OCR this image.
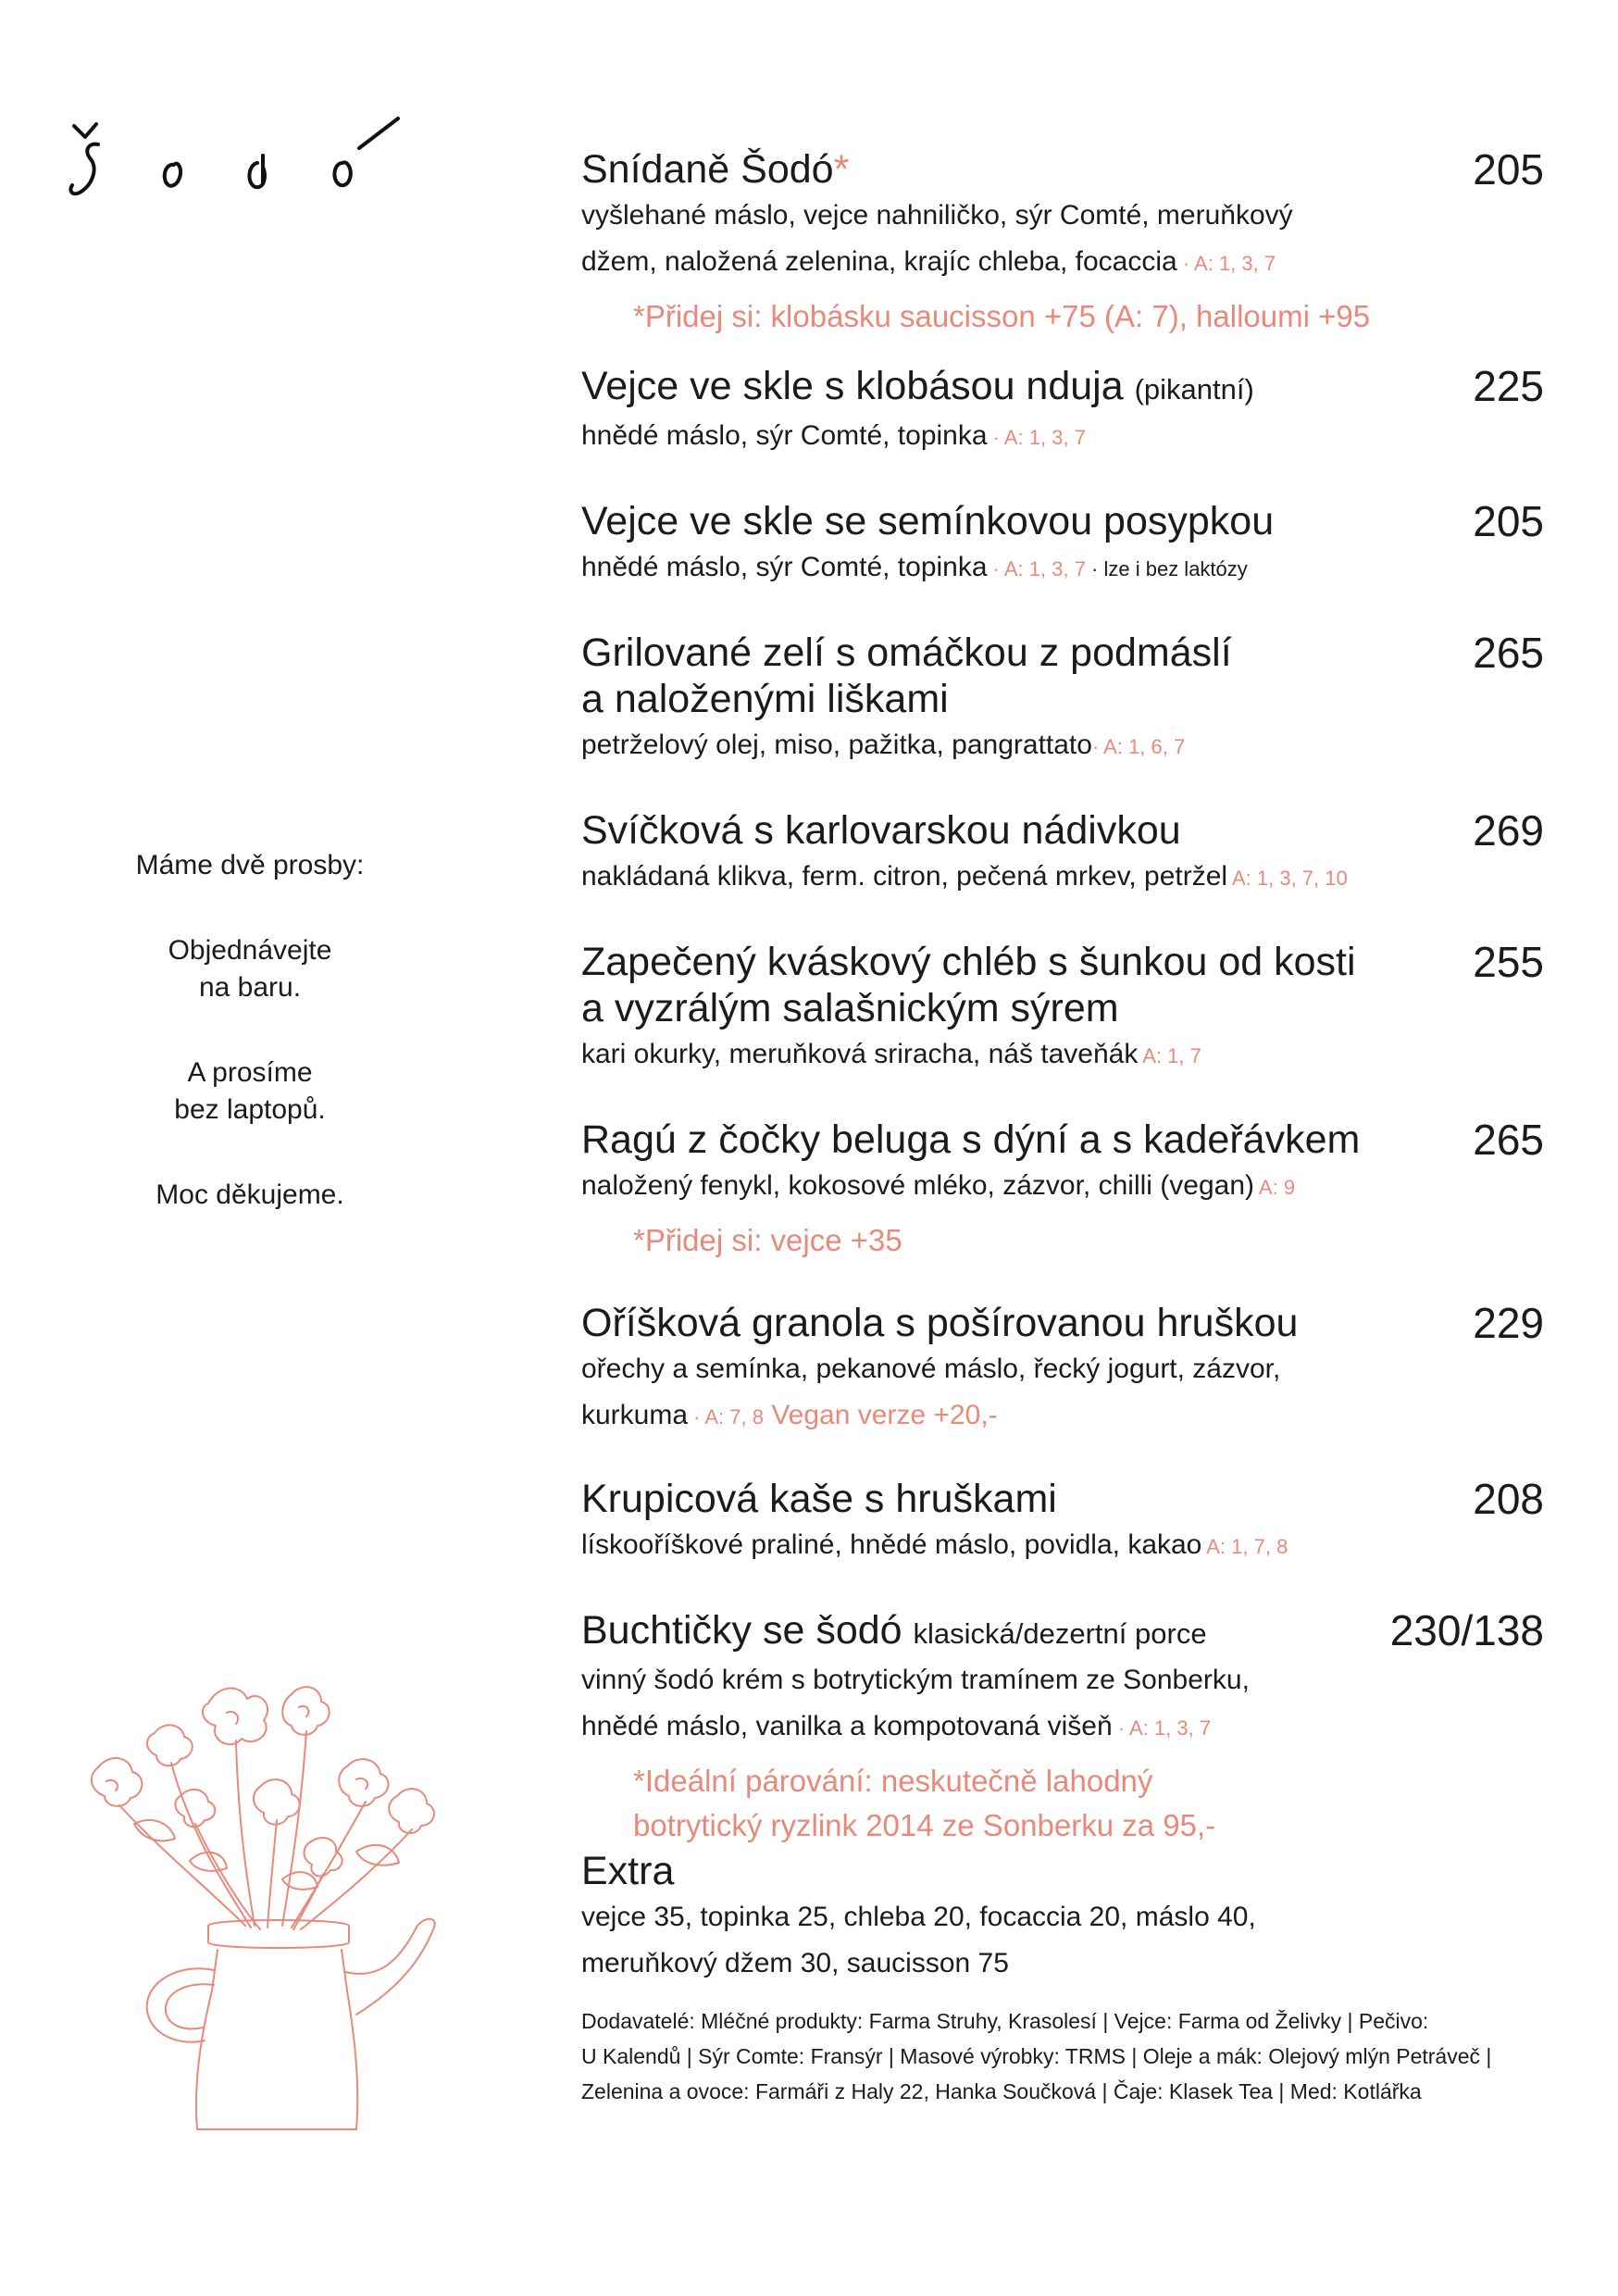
Máme dvě prosby:
Objednávejte
na baru.
A prosíme
bez laptopů.
Moc děkujeme.
Snídaně Šodó*	205
vyšlehané máslo, vejce nahniličko, sýr Comté, meruňkový
džem, naložená zelenina, krajíc chleba, focaccia · A: 1, 3, 7
*Přidej si: klobásku saucisson +75 (A: 7), halloumi +95
Vejce ve skle s klobásou nduja (pikantní)	225
hnědé máslo, sýr Comté, topinka · A: 1, 3, 7
Vejce ve skle se semínkovou posypkou	205
hnědé máslo, sýr Comté, topinka · A: 1, 3, 7 · lze i bez laktózy
Grilované zelí s omáčkou z podmáslí
a naloženými liškami
265
petrželový olej, miso, pažitka, pangrattato· A: 1, 6, 7
Svíčková s karlovarskou nádivkou	269
nakládaná klikva, ferm. citron, pečená mrkev, petržel A: 1, 3, 7, 10
Zapečený kváskový chléb s šunkou od kosti
a vyzrálým salašnickým sýrem
255
kari okurky, meruňková sriracha, náš taveňák A: 1, 7
Ragú z čočky beluga s dýní a s kadeřávkem	265
naložený fenykl, kokosové mléko, zázvor, chilli (vegan) A: 9
*Přidej si: vejce +35
Oříšková granola s pošírovanou hruškou	229
ořechy a semínka, pekanové máslo, řecký jogurt, zázvor,
kurkuma · A: 7, 8 Vegan verze +20,-
Krupicová kaše s hruškami	208
lískooříškové praliné, hnědé máslo, povidla, kakao A: 1, 7, 8
Buchtičky se šodó klasická/dezertní porce	230/138
vinný šodó krém s botrytickým tramínem ze Sonberku,
hnědé máslo, vanilka a kompotovaná višeň · A: 1, 3, 7
*Ideální párování: neskutečně lahodný
botrytický ryzlink 2014 ze Sonberku za 95,-
Extra
vejce 35, topinka 25, chleba 20, focaccia 20, máslo 40,
meruňkový džem 30, saucisson 75
Dodavatelé: Mléčné produkty: Farma Struhy, Krasolesí | Vejce: Farma od Želivky | Pečivo:
U Kalendů | Sýr Comte: Fransýr | Masové výrobky: TRMS | Oleje a mák: Olejový mlýn Petráveč |
Zelenina a ovoce: Farmáři z Haly 22, Hanka Součková | Čaje: Klasek Tea | Med: Kotlářka
